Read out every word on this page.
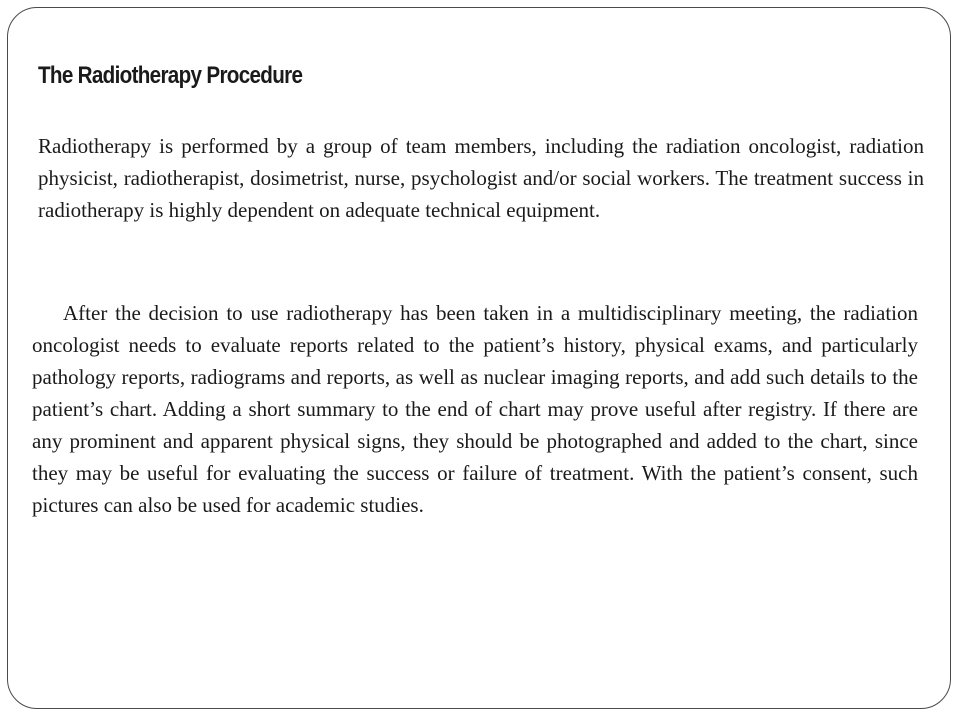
The Radiotherapy Procedure

Radiotherapy is performed by a group of team members, including the radiation oncologist, radiation physicist, radiotherapist, dosimetrist, nurse, psychologist and/or social workers. The treatment success in radiotherapy is highly dependent on adequate technical equipment.

After the decision to use radiotherapy has been taken in a multidisciplinary meeting, the radiation oncologist needs to evaluate reports related to the patient’s history, physical exams, and particularly pathology reports, radiograms and reports, as well as nuclear imaging reports, and add such details to the patient’s chart. Adding a short summary to the end of chart may prove useful after registry. If there are any prominent and apparent physical signs, they should be photographed and added to the chart, since they may be useful for evaluating the success or failure of treatment. With the patient’s consent, such pictures can also be used for academic studies.
